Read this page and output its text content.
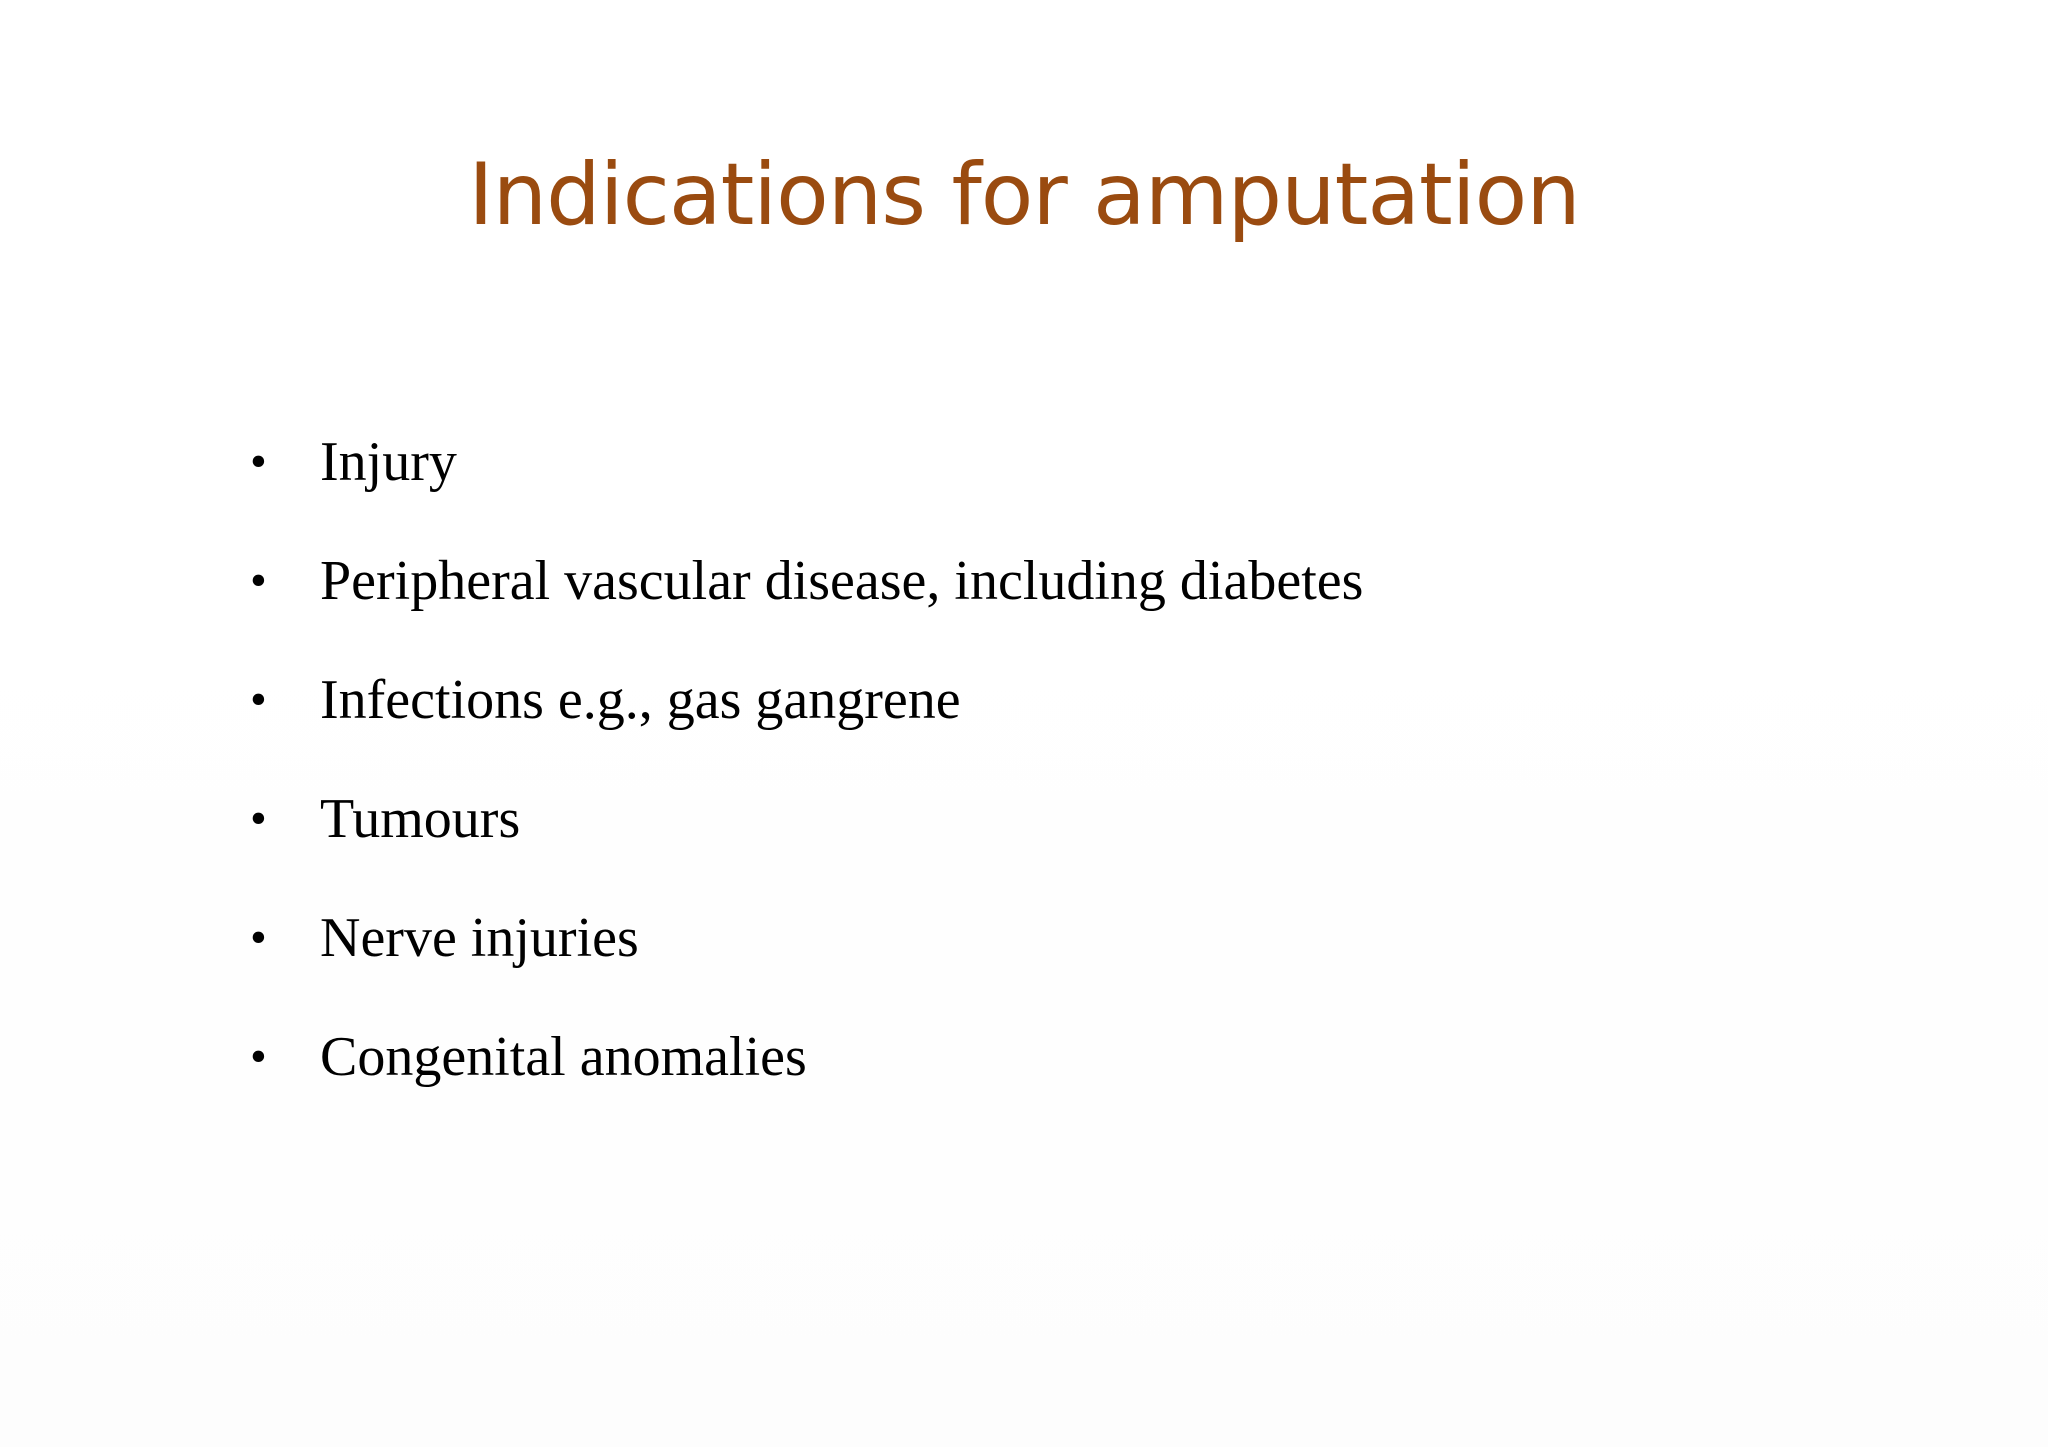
Indications for amputation
• Injury
• Peripheral vascular disease, including diabetes
• Infections e.g., gas gangrene
• Tumours
• Nerve injuries
• Congenital anomalies
